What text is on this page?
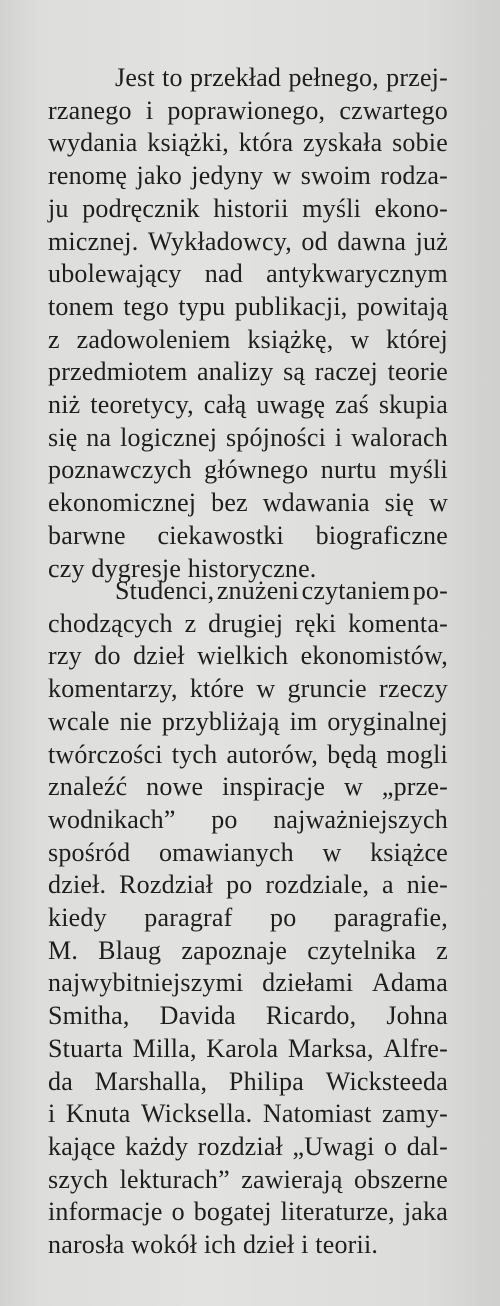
Jest to przekład pełnego, przej-
rzanego i poprawionego, czwartego
wydania książki, która zyskała sobie
renomę jako jedyny w swoim rodza-
ju podręcznik historii myśli ekono-
micznej. Wykładowcy, od dawna już
ubolewający nad antykwarycznym
tonem tego typu publikacji, powitają
z zadowoleniem książkę, w której
przedmiotem analizy są raczej teorie
niż teoretycy, całą uwagę zaś skupia
się na logicznej spójności i walorach
poznawczych głównego nurtu myśli
ekonomicznej bez wdawania się w
barwne ciekawostki biograficzne
czy dygresje historyczne.
Studenci, znużeni czytaniem po-
chodzących z drugiej ręki komenta-
rzy do dzieł wielkich ekonomistów,
komentarzy, które w gruncie rzeczy
wcale nie przybliżają im oryginalnej
twórczości tych autorów, będą mogli
znaleźć nowe inspiracje w „prze-
wodnikach” po najważniejszych
spośród omawianych w książce
dzieł. Rozdział po rozdziale, a nie-
kiedy paragraf po paragrafie,
M. Blaug zapoznaje czytelnika z
najwybitniejszymi dziełami Adama
Smitha, Davida Ricardo, Johna
Stuarta Milla, Karola Marksa, Alfre-
da Marshalla, Philipa Wicksteeda
i Knuta Wicksella. Natomiast zamy-
kające każdy rozdział „Uwagi o dal-
szych lekturach” zawierają obszerne
informacje o bogatej literaturze, jaka
narosła wokół ich dzieł i teorii.
